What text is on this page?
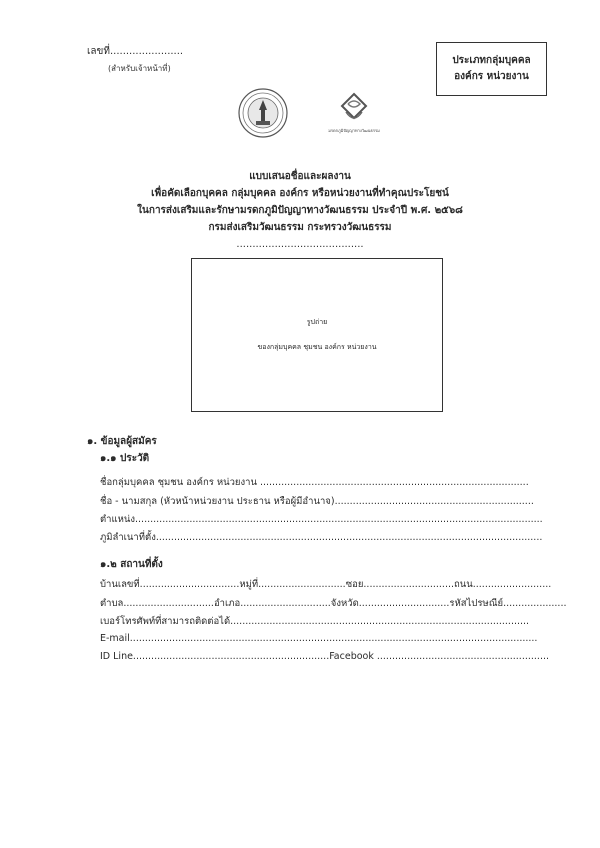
เลขที่.......................
(สำหรับเจ้าหน้าที่)
ประเภทกลุ่มบุคคล
องค์กร หน่วยงาน
มรดกภูมิปัญญาทางวัฒนธรรม
แบบเสนอชื่อและผลงาน
เพื่อคัดเลือกบุคคล กลุ่มบุคคล องค์กร หรือหน่วยงานที่ทำคุณประโยชน์
ในการส่งเสริมและรักษามรดกภูมิปัญญาทางวัฒนธรรม ประจำปี พ.ศ. ๒๕๖๘
กรมส่งเสริมวัฒนธรรม กระทรวงวัฒนธรรม
........................................
รูปถ่าย
ของกลุ่มบุคคล ชุมชน องค์กร หน่วยงาน
๑. ข้อมูลผู้สมัคร
๑.๑ ประวัติ
ชื่อกลุ่มบุคคล ชุมชน องค์กร หน่วยงาน .........................................................................................
ชื่อ - นามสกุล (หัวหน้าหน่วยงาน ประธาน หรือผู้มีอำนาจ)..................................................................
ตำแหน่ง.......................................................................................................................................
ภูมิลำเนาที่ตั้ง................................................................................................................................
๑.๒ สถานที่ตั้ง
บ้านเลขที่.................................หมู่ที่.............................ซอย..............................ถนน..........................
ตำบล..............................อำเภอ..............................จังหวัด..............................รหัสไปรษณีย์.....................
เบอร์โทรศัพท์ที่สามารถติดต่อได้...................................................................................................
E-mail.......................................................................................................................................
ID Line.................................................................Facebook .........................................................
